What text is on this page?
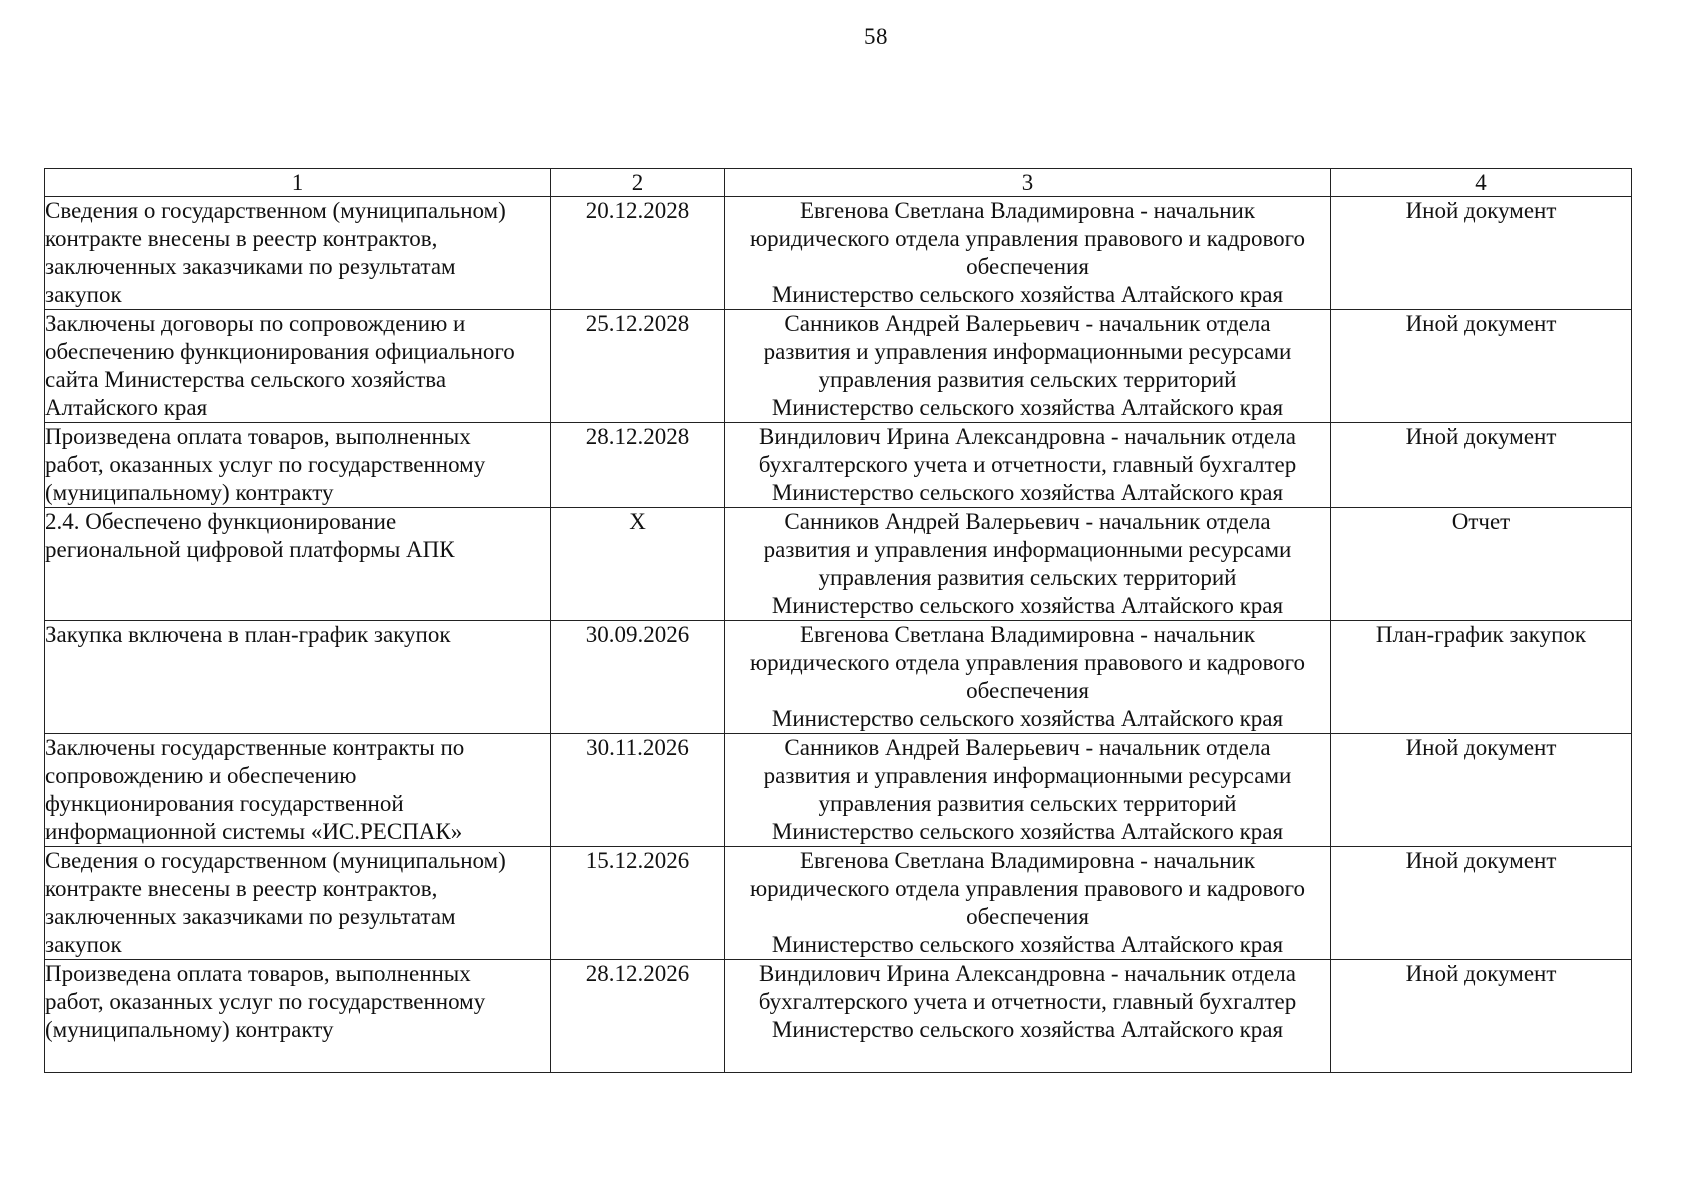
58
1	2	3	4

Сведения о государственном (муниципальном)
контракте внесены в реестр контрактов,
заключенных заказчиками по результатам
закупок	20.12.2028	Евгенова Светлана Владимировна - начальник
юридического отдела управления правового и кадрового
обеспечения
Министерство сельского хозяйства Алтайского края	Иной документ

Заключены договоры по сопровождению и
обеспечению функционирования официального
сайта Министерства сельского хозяйства
Алтайского края	25.12.2028	Санников Андрей Валерьевич - начальник отдела
развития и управления информационными ресурсами
управления развития сельских территорий
Министерство сельского хозяйства Алтайского края	Иной документ

Произведена оплата товаров, выполненных
работ, оказанных услуг по государственному
(муниципальному) контракту	28.12.2028	Виндилович Ирина Александровна - начальник отдела
бухгалтерского учета и отчетности, главный бухгалтер
Министерство сельского хозяйства Алтайского края	Иной документ

2.4. Обеспечено функционирование
региональной цифровой платформы АПК	X	Санников Андрей Валерьевич - начальник отдела
развития и управления информационными ресурсами
управления развития сельских территорий
Министерство сельского хозяйства Алтайского края	Отчет

Закупка включена в план-график закупок	30.09.2026	Евгенова Светлана Владимировна - начальник
юридического отдела управления правового и кадрового
обеспечения
Министерство сельского хозяйства Алтайского края	План-график закупок

Заключены государственные контракты по
сопровождению и обеспечению
функционирования государственной
информационной системы «ИС.РЕСПАК»	30.11.2026	Санников Андрей Валерьевич - начальник отдела
развития и управления информационными ресурсами
управления развития сельских территорий
Министерство сельского хозяйства Алтайского края	Иной документ

Сведения о государственном (муниципальном)
контракте внесены в реестр контрактов,
заключенных заказчиками по результатам
закупок	15.12.2026	Евгенова Светлана Владимировна - начальник
юридического отдела управления правового и кадрового
обеспечения
Министерство сельского хозяйства Алтайского края	Иной документ

Произведена оплата товаров, выполненных
работ, оказанных услуг по государственному
(муниципальному) контракту	28.12.2026	Виндилович Ирина Александровна - начальник отдела
бухгалтерского учета и отчетности, главный бухгалтер
Министерство сельского хозяйства Алтайского края	Иной документ
